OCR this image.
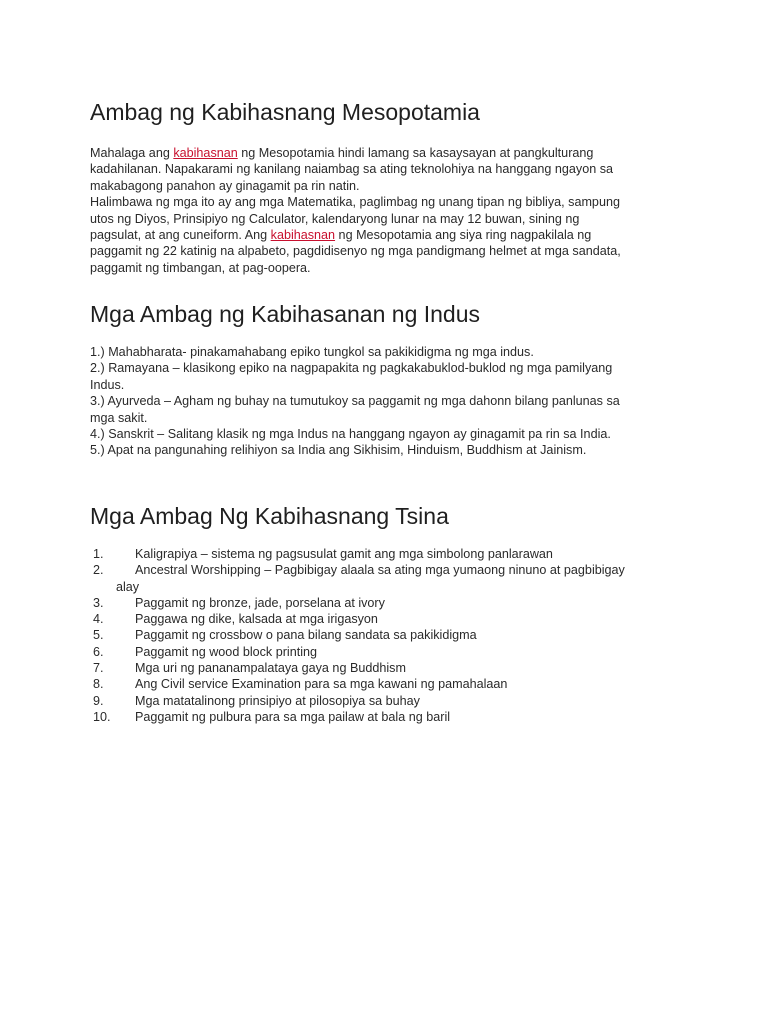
Ambag ng Kabihasnang Mesopotamia
Mahalaga ang kabihasnan ng Mesopotamia hindi lamang sa kasaysayan at pangkulturang
kadahilanan. Napakarami ng kanilang naiambag sa ating teknolohiya na hanggang ngayon sa
makabagong panahon ay ginagamit pa rin natin.
Halimbawa ng mga ito ay ang mga Matematika, paglimbag ng unang tipan ng bibliya, sampung
utos ng Diyos, Prinsipiyo ng Calculator, kalendaryong lunar na may 12 buwan, sining ng
pagsulat, at ang cuneiform. Ang kabihasnan ng Mesopotamia ang siya ring nagpakilala ng
paggamit ng 22 katinig na alpabeto, pagdidisenyo ng mga pandigmang helmet at mga sandata,
paggamit ng timbangan, at pag-oopera.
Mga Ambag ng Kabihasanan ng Indus
1.) Mahabharata- pinakamahabang epiko tungkol sa pakikidigma ng mga indus.
2.) Ramayana – klasikong epiko na nagpapakita ng pagkakabuklod-buklod ng mga pamilyang
Indus.
3.) Ayurveda – Agham ng buhay na tumutukoy sa paggamit ng mga dahonn bilang panlunas sa
mga sakit.
4.) Sanskrit – Salitang klasik ng mga Indus na hanggang ngayon ay ginagamit pa rin sa India.
5.) Apat na pangunahing relihiyon sa India ang Sikhisim, Hinduism, Buddhism at Jainism.
Mga Ambag Ng Kabihasnang Tsina
1. Kaligrapiya – sistema ng pagsusulat gamit ang mga simbolong panlarawan
2. Ancestral Worshipping – Pagbibigay alaala sa ating mga yumaong ninuno at pagbibigay
alay
3. Paggamit ng bronze, jade, porselana at ivory
4. Paggawa ng dike, kalsada at mga irigasyon
5. Paggamit ng crossbow o pana bilang sandata sa pakikidigma
6. Paggamit ng wood block printing
7. Mga uri ng pananampalataya gaya ng Buddhism
8. Ang Civil service Examination para sa mga kawani ng pamahalaan
9. Mga matatalinong prinsipiyo at pilosopiya sa buhay
10. Paggamit ng pulbura para sa mga pailaw at bala ng baril
